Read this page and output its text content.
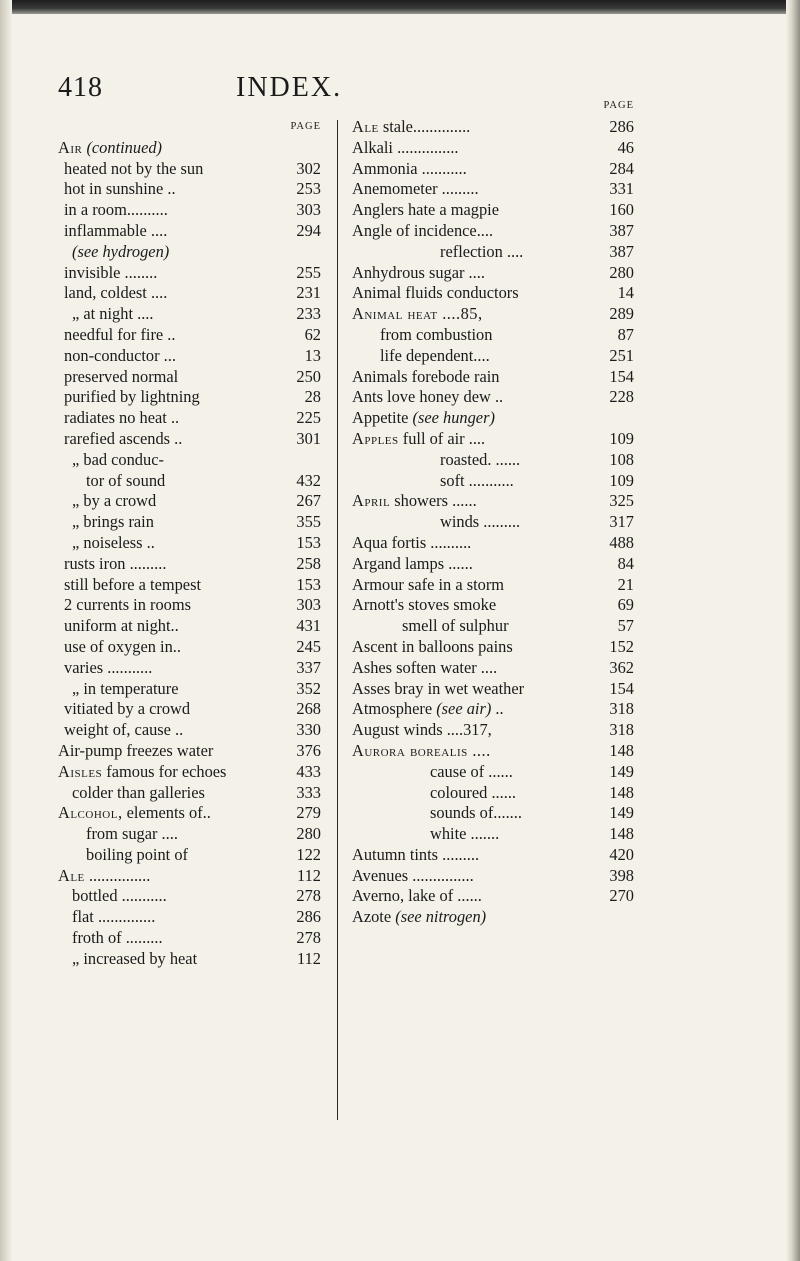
418	INDEX.
PAGE
Air (continued)
heated not by the sun	302
hot in sunshine ..	253
in a room..........	303
inflammable ....	294
(see hydrogen)
invisible ........	255
land, coldest ....	231
„ at night ....	233
needful for fire ..	62
non-conductor ...	13
preserved normal	250
purified by lightning	28
radiates no heat ..	225
rarefied ascends ..	301
„ bad conduc-
tor of sound	432
„ by a crowd	267
„ brings rain	355
„ noiseless ..	153
rusts iron .........	258
still before a tempest	153
2 currents in rooms	303
uniform at night..	431
use of oxygen in..	245
varies ...........	337
„ in temperature	352
vitiated by a crowd	268
weight of, cause ..	330
Air-pump freezes water	376
Aisles famous for echoes	433
colder than galleries	333
Alcohol, elements of..	279
from sugar ....	280
boiling point of	122
Ale ...............	112
bottled ...........	278
flat ..............	286
froth of .........	278
„ increased by heat	112
PAGE
Ale stale..............	286
Alkali ...............	46
Ammonia ...........	284
Anemometer .........	331
Anglers hate a magpie	160
Angle of incidence....	387
reflection ....	387
Anhydrous sugar ....	280
Animal fluids conductors	14
Animal heat ....85,	289
from combustion	87
life dependent....	251
Animals forebode rain	154
Ants love honey dew ..	228
Appetite (see hunger)
Apples full of air ....	109
roasted. ......	108
soft ...........	109
April showers ......	325
winds .........	317
Aqua fortis ..........	488
Argand lamps ......	84
Armour safe in a storm	21
Arnott's stoves smoke	69
smell of sulphur	57
Ascent in balloons pains	152
Ashes soften water ....	362
Asses bray in wet weather	154
Atmosphere (see air) ..	318
August winds ....317,	318
Aurora borealis ....	148
cause of ......	149
coloured ......	148
sounds of.......	149
white .......	148
Autumn tints .........	420
Avenues ...............	398
Averno, lake of ......	270
Azote (see nitrogen)
